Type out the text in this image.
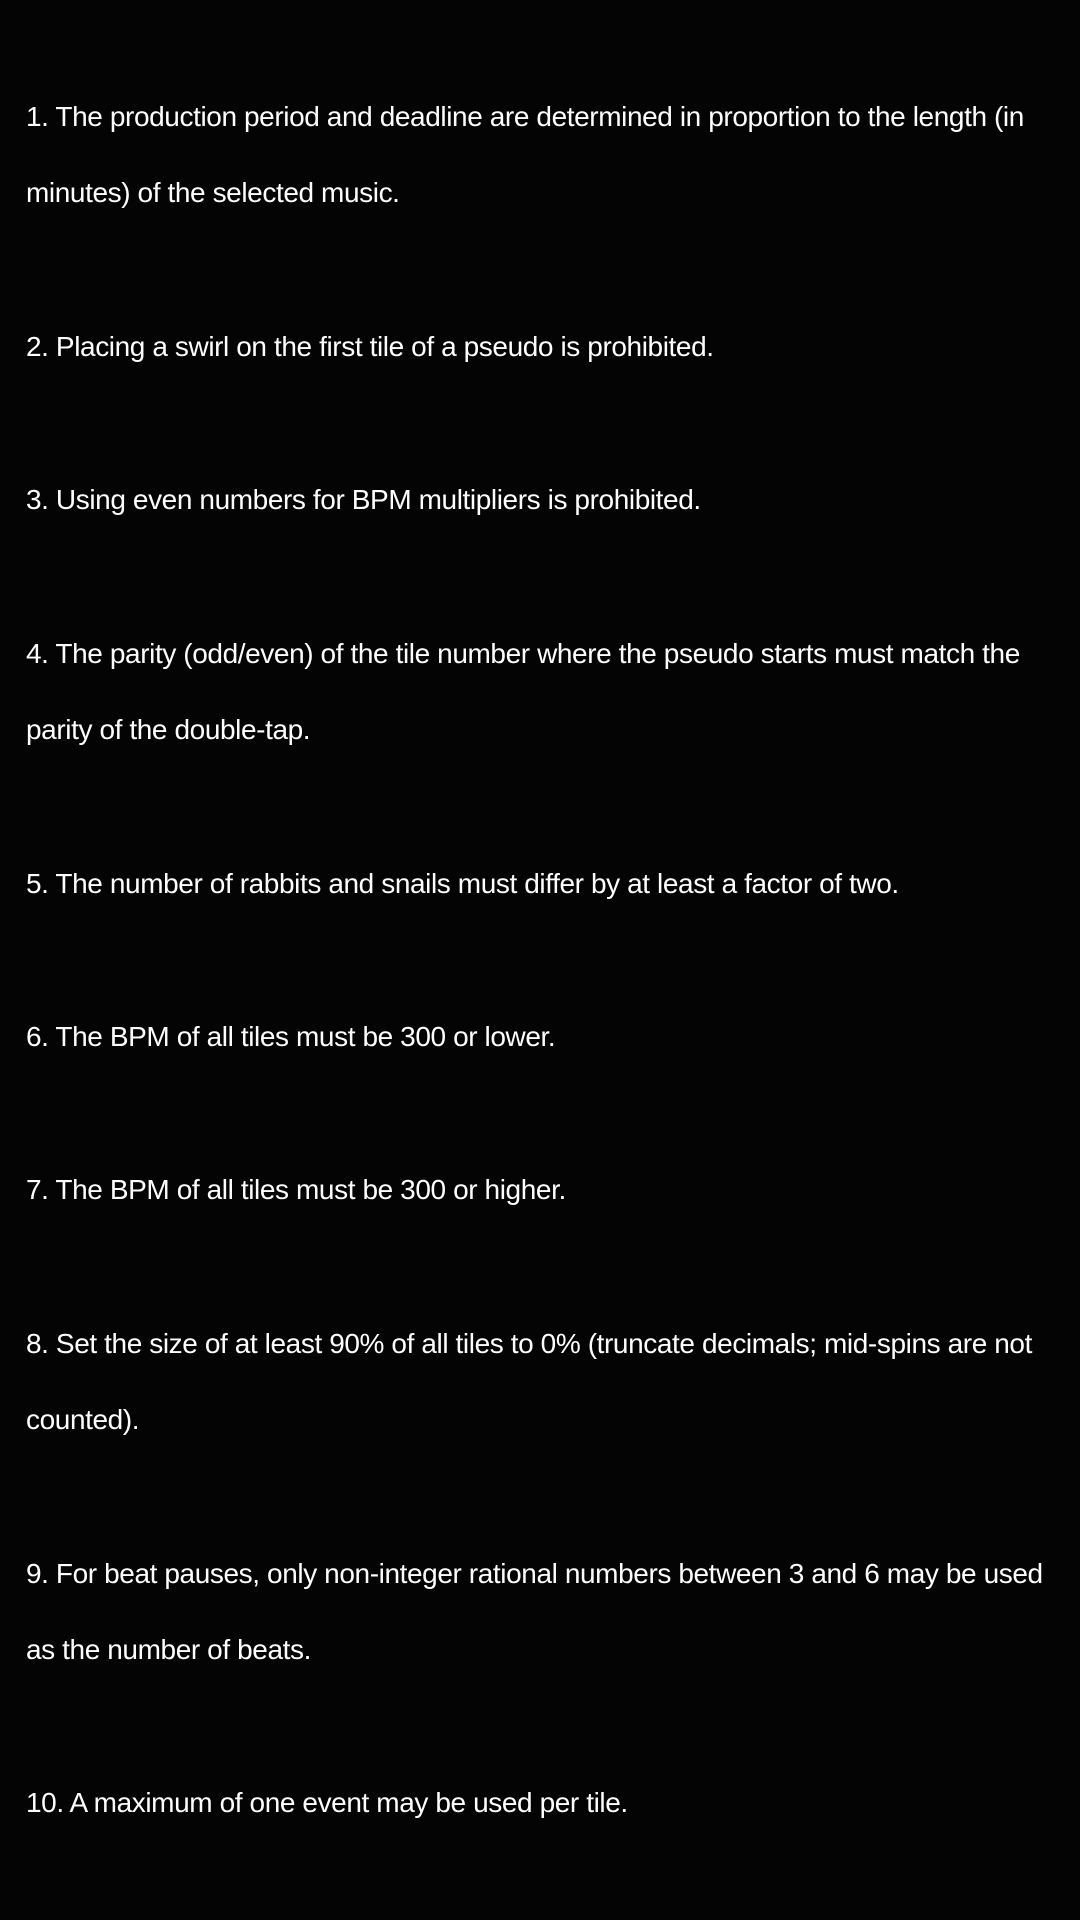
1. The production period and deadline are determined in proportion to the length (in minutes) of the selected music.
2. Placing a swirl on the first tile of a pseudo is prohibited.
3. Using even numbers for BPM multipliers is prohibited.
4. The parity (odd/even) of the tile number where the pseudo starts must match the parity of the double-tap.
5. The number of rabbits and snails must differ by at least a factor of two.
6. The BPM of all tiles must be 300 or lower.
7. The BPM of all tiles must be 300 or higher.
8. Set the size of at least 90% of all tiles to 0% (truncate decimals; mid-spins are not counted).
9. For beat pauses, only non-integer rational numbers between 3 and 6 may be used as the number of beats.
10. A maximum of one event may be used per tile.
